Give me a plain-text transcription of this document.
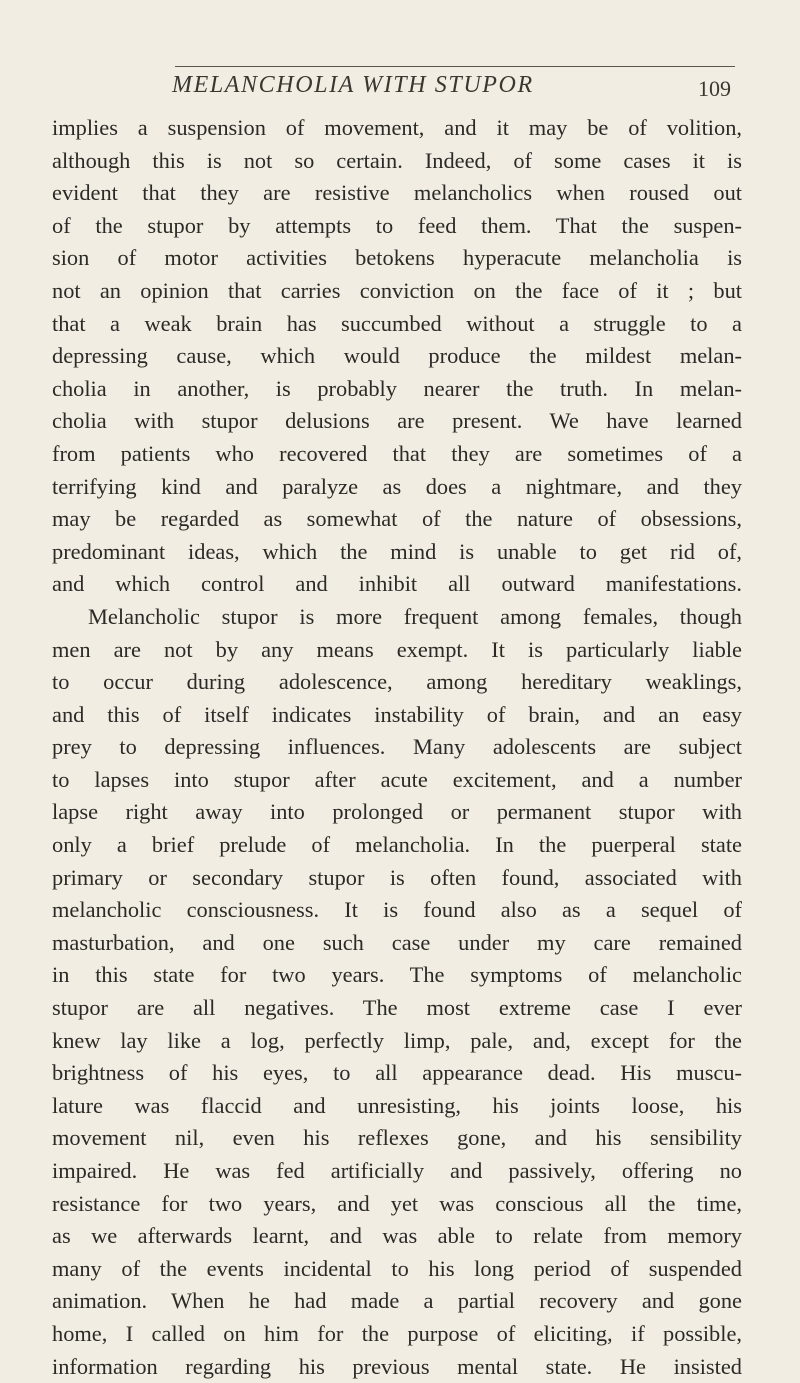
MELANCHOLIA WITH STUPOR	109
implies a suspension of movement, and it may be of volition,
although this is not so certain. Indeed, of some cases it is
evident that they are resistive melancholics when roused out
of the stupor by attempts to feed them. That the suspen-
sion of motor activities betokens hyperacute melancholia is
not an opinion that carries conviction on the face of it ; but
that a weak brain has succumbed without a struggle to a
depressing cause, which would produce the mildest melan-
cholia in another, is probably nearer the truth. In melan-
cholia with stupor delusions are present. We have learned
from patients who recovered that they are sometimes of a
terrifying kind and paralyze as does a nightmare, and they
may be regarded as somewhat of the nature of obsessions,
predominant ideas, which the mind is unable to get rid of,
and which control and inhibit all outward manifestations.
Melancholic stupor is more frequent among females, though
men are not by any means exempt. It is particularly liable
to occur during adolescence, among hereditary weaklings,
and this of itself indicates instability of brain, and an easy
prey to depressing influences. Many adolescents are subject
to lapses into stupor after acute excitement, and a number
lapse right away into prolonged or permanent stupor with
only a brief prelude of melancholia. In the puerperal state
primary or secondary stupor is often found, associated with
melancholic consciousness. It is found also as a sequel of
masturbation, and one such case under my care remained
in this state for two years. The symptoms of melancholic
stupor are all negatives. The most extreme case I ever
knew lay like a log, perfectly limp, pale, and, except for the
brightness of his eyes, to all appearance dead. His muscu-
lature was flaccid and unresisting, his joints loose, his
movement nil, even his reflexes gone, and his sensibility
impaired. He was fed artificially and passively, offering no
resistance for two years, and yet was conscious all the time,
as we afterwards learnt, and was able to relate from memory
many of the events incidental to his long period of suspended
animation. When he had made a partial recovery and gone
home, I called on him for the purpose of eliciting, if possible,
information regarding his previous mental state. He insisted
